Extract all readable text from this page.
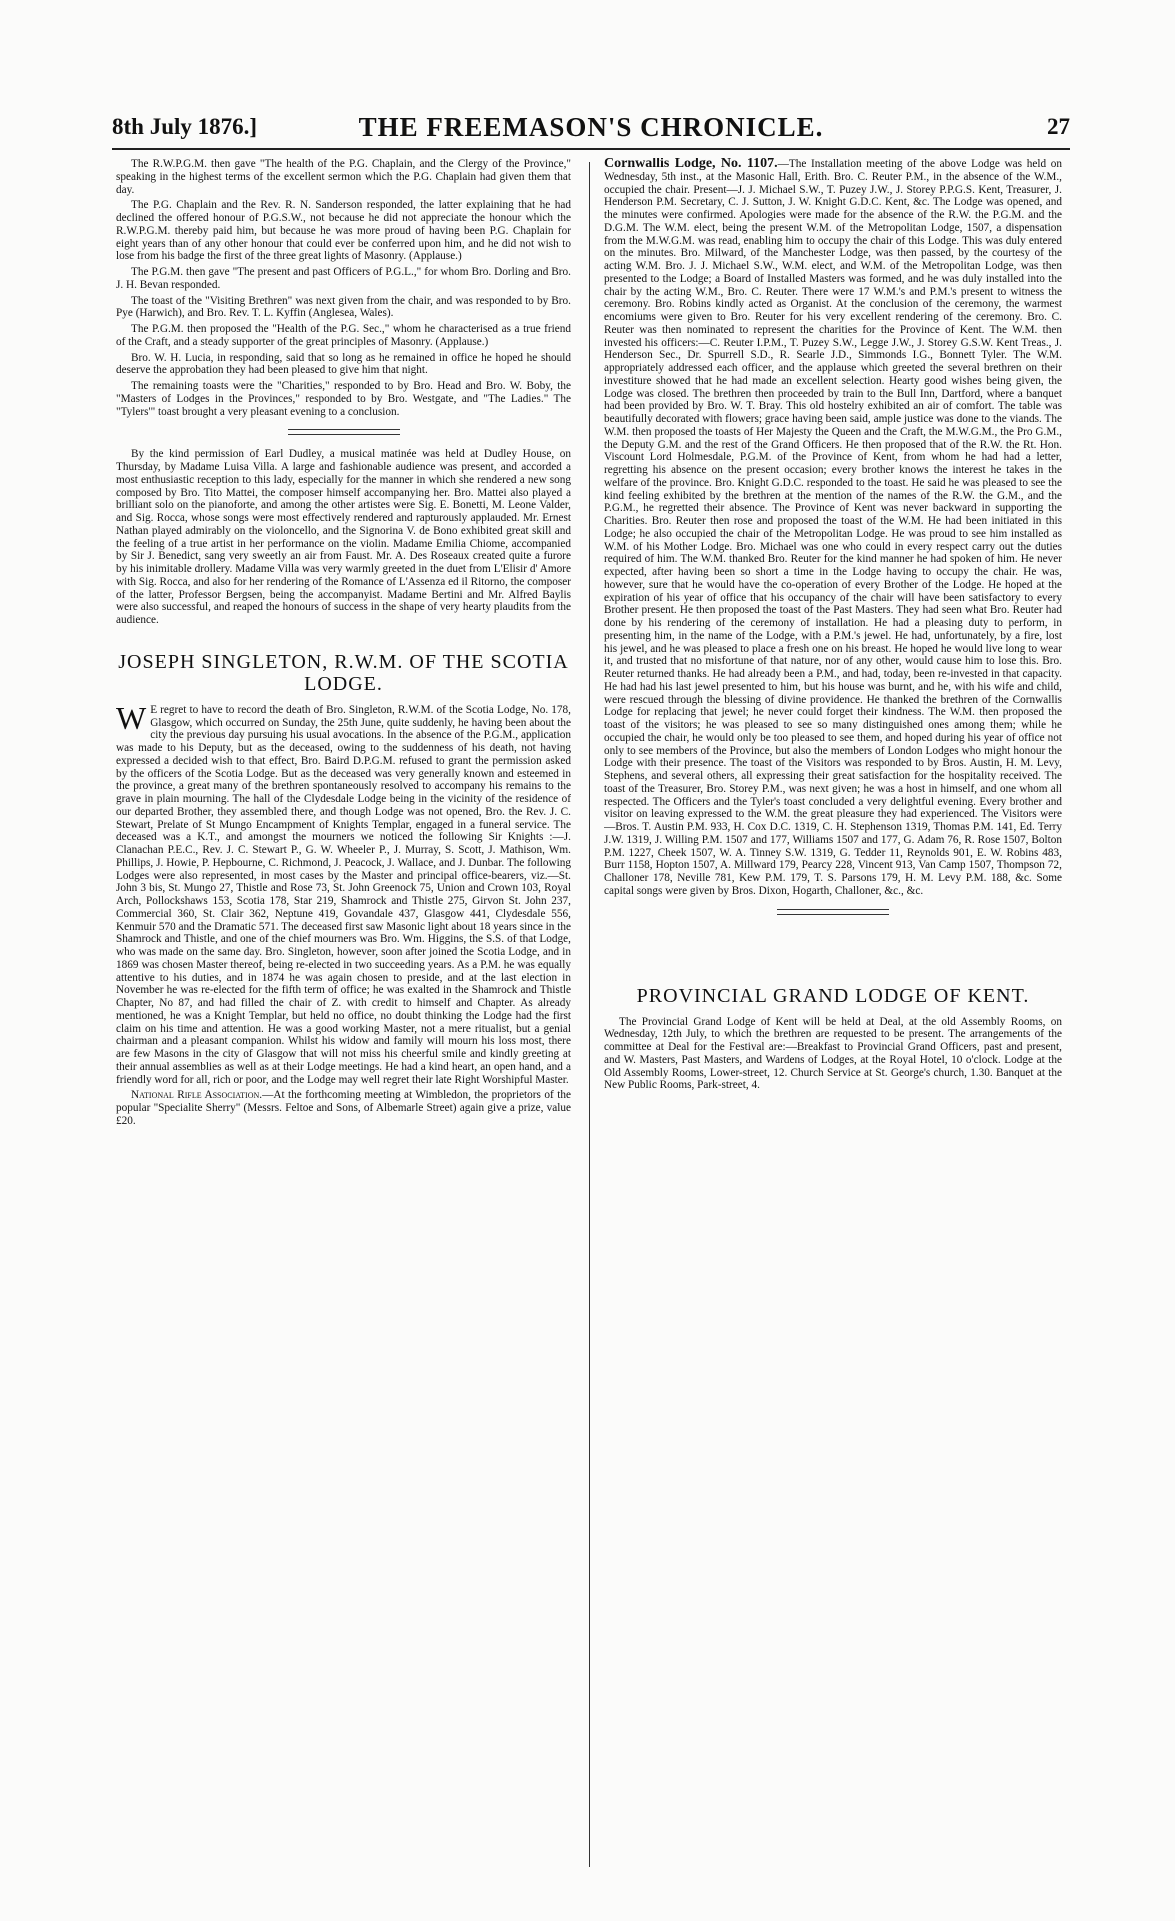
8th July 1876.]	THE FREEMASON'S CHRONICLE.	27

The R.W.P.G.M. then gave "The health of the P.G. Chaplain, and the Clergy of the Province," speaking in the highest terms of the excellent sermon which the P.G. Chaplain had given them that day.

The P.G. Chaplain and the Rev. R. N. Sanderson responded, the latter explaining that he had declined the offered honour of P.G.S.W., not because he did not appreciate the honour which the R.W.P.G.M. thereby paid him, but because he was more proud of having been P.G. Chaplain for eight years than of any other honour that could ever be conferred upon him, and he did not wish to lose from his badge the first of the three great lights of Masonry. (Applause.)

The P.G.M. then gave "The present and past Officers of P.G.L.," for whom Bro. Dorling and Bro. J. H. Bevan responded.

The toast of the "Visiting Brethren" was next given from the chair, and was responded to by Bro. Pye (Harwich), and Bro. Rev. T. L. Kyffin (Anglesea, Wales).

The P.G.M. then proposed the "Health of the P.G. Sec.," whom he characterised as a true friend of the Craft, and a steady supporter of the great principles of Masonry. (Applause.)

Bro. W. H. Lucia, in responding, said that so long as he remained in office he hoped he should deserve the approbation they had been pleased to give him that night.

The remaining toasts were the "Charities," responded to by Bro. Head and Bro. W. Boby, the "Masters of Lodges in the Provinces," responded to by Bro. Westgate, and "The Ladies." The "Tylers'" toast brought a very pleasant evening to a conclusion.

By the kind permission of Earl Dudley, a musical matinée was held at Dudley House, on Thursday, by Madame Luisa Villa. A large and fashionable audience was present, and accorded a most enthusiastic reception to this lady, especially for the manner in which she rendered a new song composed by Bro. Tito Mattei, the composer himself accompanying her. Bro. Mattei also played a brilliant solo on the pianoforte, and among the other artistes were Sig. E. Bonetti, M. Leone Valder, and Sig. Rocca, whose songs were most effectively rendered and rapturously applauded. Mr. Ernest Nathan played admirably on the violoncello, and the Signorina V. de Bono exhibited great skill and the feeling of a true artist in her performance on the violin. Madame Emilia Chiome, accompanied by Sir J. Benedict, sang very sweetly an air from Faust. Mr. A. Des Roseaux created quite a furore by his inimitable drollery. Madame Villa was very warmly greeted in the duet from L'Elisir d' Amore with Sig. Rocca, and also for her rendering of the Romance of L'Assenza ed il Ritorno, the composer of the latter, Professor Bergsen, being the accompanyist. Madame Bertini and Mr. Alfred Baylis were also successful, and reaped the honours of success in the shape of very hearty plaudits from the audience.

JOSEPH SINGLETON, R.W.M. OF THE SCOTIA LODGE.

W E regret to have to record the death of Bro. Singleton, R.W.M. of the Scotia Lodge, No. 178, Glasgow, which occurred on Sunday, the 25th June, quite suddenly, he having been about the city the previous day pursuing his usual avocations. In the absence of the P.G.M., application was made to his Deputy, but as the deceased, owing to the suddenness of his death, not having expressed a decided wish to that effect, Bro. Baird D.P.G.M. refused to grant the permission asked by the officers of the Scotia Lodge. But as the deceased was very generally known and esteemed in the province, a great many of the brethren spontaneously resolved to accompany his remains to the grave in plain mourning. The hall of the Clydesdale Lodge being in the vicinity of the residence of our departed Brother, they assembled there, and though Lodge was not opened, Bro. the Rev. J. C. Stewart, Prelate of St Mungo Encampment of Knights Templar, engaged in a funeral service. The deceased was a K.T., and amongst the mourners we noticed the following Sir Knights :—J. Clanachan P.E.C., Rev. J. C. Stewart P., G. W. Wheeler P., J. Murray, S. Scott, J. Mathison, Wm. Phillips, J. Howie, P. Hepbourne, C. Richmond, J. Peacock, J. Wallace, and J. Dunbar. The following Lodges were also represented, in most cases by the Master and principal office-bearers, viz.—St. John 3 bis, St. Mungo 27, Thistle and Rose 73, St. John Greenock 75, Union and Crown 103, Royal Arch, Pollockshaws 153, Scotia 178, Star 219, Shamrock and Thistle 275, Girvon St. John 237, Commercial 360, St. Clair 362, Neptune 419, Govandale 437, Glasgow 441, Clydesdale 556, Kenmuir 570 and the Dramatic 571. The deceased first saw Masonic light about 18 years since in the Shamrock and Thistle, and one of the chief mourners was Bro. Wm. Higgins, the S.S. of that Lodge, who was made on the same day. Bro. Singleton, however, soon after joined the Scotia Lodge, and in 1869 was chosen Master thereof, being re-elected in two succeeding years. As a P.M. he was equally attentive to his duties, and in 1874 he was again chosen to preside, and at the last election in November he was re-elected for the fifth term of office; he was exalted in the Shamrock and Thistle Chapter, No 87, and had filled the chair of Z. with credit to himself and Chapter. As already mentioned, he was a Knight Templar, but held no office, no doubt thinking the Lodge had the first claim on his time and attention. He was a good working Master, not a mere ritualist, but a genial chairman and a pleasant companion. Whilst his widow and family will mourn his loss most, there are few Masons in the city of Glasgow that will not miss his cheerful smile and kindly greeting at their annual assemblies as well as at their Lodge meetings. He had a kind heart, an open hand, and a friendly word for all, rich or poor, and the Lodge may well regret their late Right Worshipful Master.

National Rifle Association.—At the forthcoming meeting at Wimbledon, the proprietors of the popular "Specialite Sherry" (Messrs. Feltoe and Sons, of Albemarle Street) again give a prize, value £20.

Cornwallis Lodge, No. 1107.—The Installation meeting of the above Lodge was held on Wednesday, 5th inst., at the Masonic Hall, Erith. Bro. C. Reuter P.M., in the absence of the W.M., occupied the chair. Present—J. J. Michael S.W., T. Puzey J.W., J. Storey P.P.G.S. Kent, Treasurer, J. Henderson P.M. Secretary, C. J. Sutton, J. W. Knight G.D.C. Kent, &c. The Lodge was opened, and the minutes were confirmed. Apologies were made for the absence of the R.W. the P.G.M. and the D.G.M. The W.M. elect, being the present W.M. of the Metropolitan Lodge, 1507, a dispensation from the M.W.G.M. was read, enabling him to occupy the chair of this Lodge. This was duly entered on the minutes. Bro. Milward, of the Manchester Lodge, was then passed, by the courtesy of the acting W.M. Bro. J. J. Michael S.W., W.M. elect, and W.M. of the Metropolitan Lodge, was then presented to the Lodge; a Board of Installed Masters was formed, and he was duly installed into the chair by the acting W.M., Bro. C. Reuter. There were 17 W.M.'s and P.M.'s present to witness the ceremony. Bro. Robins kindly acted as Organist. At the conclusion of the ceremony, the warmest encomiums were given to Bro. Reuter for his very excellent rendering of the ceremony. Bro. C. Reuter was then nominated to represent the charities for the Province of Kent. The W.M. then invested his officers:—C. Reuter I.P.M., T. Puzey S.W., Legge J.W., J. Storey G.S.W. Kent Treas., J. Henderson Sec., Dr. Spurrell S.D., R. Searle J.D., Simmonds I.G., Bonnett Tyler. The W.M. appropriately addressed each officer, and the applause which greeted the several brethren on their investiture showed that he had made an excellent selection. Hearty good wishes being given, the Lodge was closed. The brethren then proceeded by train to the Bull Inn, Dartford, where a banquet had been provided by Bro. W. T. Bray. This old hostelry exhibited an air of comfort. The table was beautifully decorated with flowers; grace having been said, ample justice was done to the viands. The W.M. then proposed the toasts of Her Majesty the Queen and the Craft, the M.W.G.M., the Pro G.M., the Deputy G.M. and the rest of the Grand Officers. He then proposed that of the R.W. the Rt. Hon. Viscount Lord Holmesdale, P.G.M. of the Province of Kent, from whom he had had a letter, regretting his absence on the present occasion; every brother knows the interest he takes in the welfare of the province. Bro. Knight G.D.C. responded to the toast. He said he was pleased to see the kind feeling exhibited by the brethren at the mention of the names of the R.W. the G.M., and the P.G.M., he regretted their absence. The Province of Kent was never backward in supporting the Charities. Bro. Reuter then rose and proposed the toast of the W.M. He had been initiated in this Lodge; he also occupied the chair of the Metropolitan Lodge. He was proud to see him installed as W.M. of his Mother Lodge. Bro. Michael was one who could in every respect carry out the duties required of him. The W.M. thanked Bro. Reuter for the kind manner he had spoken of him. He never expected, after having been so short a time in the Lodge having to occupy the chair. He was, however, sure that he would have the co-operation of every Brother of the Lodge. He hoped at the expiration of his year of office that his occupancy of the chair will have been satisfactory to every Brother present. He then proposed the toast of the Past Masters. They had seen what Bro. Reuter had done by his rendering of the ceremony of installation. He had a pleasing duty to perform, in presenting him, in the name of the Lodge, with a P.M.'s jewel. He had, unfortunately, by a fire, lost his jewel, and he was pleased to place a fresh one on his breast. He hoped he would live long to wear it, and trusted that no misfortune of that nature, nor of any other, would cause him to lose this. Bro. Reuter returned thanks. He had already been a P.M., and had, today, been re-invested in that capacity. He had had his last jewel presented to him, but his house was burnt, and he, with his wife and child, were rescued through the blessing of divine providence. He thanked the brethren of the Cornwallis Lodge for replacing that jewel; he never could forget their kindness. The W.M. then proposed the toast of the visitors; he was pleased to see so many distinguished ones among them; while he occupied the chair, he would only be too pleased to see them, and hoped during his year of office not only to see members of the Province, but also the members of London Lodges who might honour the Lodge with their presence. The toast of the Visitors was responded to by Bros. Austin, H. M. Levy, Stephens, and several others, all expressing their great satisfaction for the hospitality received. The toast of the Treasurer, Bro. Storey P.M., was next given; he was a host in himself, and one whom all respected. The Officers and the Tyler's toast concluded a very delightful evening. Every brother and visitor on leaving expressed to the W.M. the great pleasure they had experienced. The Visitors were—Bros. T. Austin P.M. 933, H. Cox D.C. 1319, C. H. Stephenson 1319, Thomas P.M. 141, Ed. Terry J.W. 1319, J. Willing P.M. 1507 and 177, Williams 1507 and 177, G. Adam 76, R. Rose 1507, Bolton P.M. 1227, Cheek 1507, W. A. Tinney S.W. 1319, G. Tedder 11, Reynolds 901, E. W. Robins 483, Burr 1158, Hopton 1507, A. Millward 179, Pearcy 228, Vincent 913, Van Camp 1507, Thompson 72, Challoner 178, Neville 781, Kew P.M. 179, T. S. Parsons 179, H. M. Levy P.M. 188, &c. Some capital songs were given by Bros. Dixon, Hogarth, Challoner, &c., &c.

PROVINCIAL GRAND LODGE OF KENT.

The Provincial Grand Lodge of Kent will be held at Deal, at the old Assembly Rooms, on Wednesday, 12th July, to which the brethren are requested to be present. The arrangements of the committee at Deal for the Festival are:—Breakfast to Provincial Grand Officers, past and present, and W. Masters, Past Masters, and Wardens of Lodges, at the Royal Hotel, 10 o'clock. Lodge at the Old Assembly Rooms, Lower-street, 12. Church Service at St. George's church, 1.30. Banquet at the New Public Rooms, Park-street, 4.
